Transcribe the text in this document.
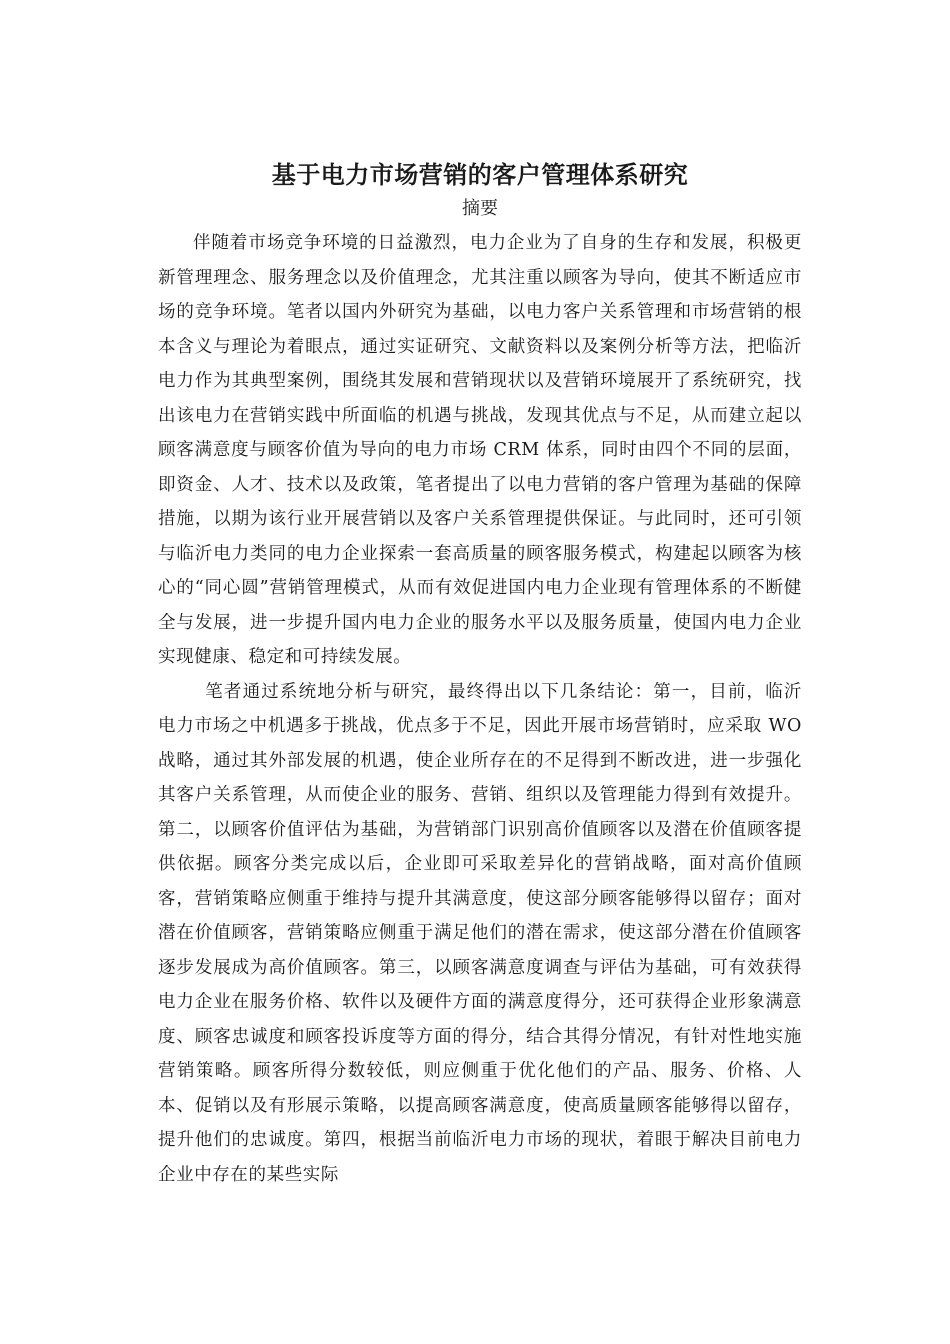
基于电力市场营销的客户管理体系研究
摘要

伴随着市场竞争环境的日益激烈，电力企业为了自身的生存和发展，积极更新管理理念、服务理念以及价值理念，尤其注重以顾客为导向，使其不断适应市场的竞争环境。笔者以国内外研究为基础，以电力客户关系管理和市场营销的根本含义与理论为着眼点，通过实证研究、文献资料以及案例分析等方法，把临沂电力作为其典型案例，围绕其发展和营销现状以及营销环境展开了系统研究，找出该电力在营销实践中所面临的机遇与挑战，发现其优点与不足，从而建立起以顾客满意度与顾客价值为导向的电力市场 CRM 体系，同时由四个不同的层面，即资金、人才、技术以及政策，笔者提出了以电力营销的客户管理为基础的保障措施，以期为该行业开展营销以及客户关系管理提供保证。与此同时，还可引领与临沂电力类同的电力企业探索一套高质量的顾客服务模式，构建起以顾客为核心的“同心圆”营销管理模式，从而有效促进国内电力企业现有管理体系的不断健全与发展，进一步提升国内电力企业的服务水平以及服务质量，使国内电力企业实现健康、稳定和可持续发展。

笔者通过系统地分析与研究，最终得出以下几条结论：第一，目前，临沂电力市场之中机遇多于挑战，优点多于不足，因此开展市场营销时，应采取 WO 战略，通过其外部发展的机遇，使企业所存在的不足得到不断改进，进一步强化其客户关系管理，从而使企业的服务、营销、组织以及管理能力得到有效提升。第二，以顾客价值评估为基础，为营销部门识别高价值顾客以及潜在价值顾客提供依据。顾客分类完成以后，企业即可采取差异化的营销战略，面对高价值顾客，营销策略应侧重于维持与提升其满意度，使这部分顾客能够得以留存；面对潜在价值顾客，营销策略应侧重于满足他们的潜在需求，使这部分潜在价值顾客逐步发展成为高价值顾客。第三，以顾客满意度调查与评估为基础，可有效获得电力企业在服务价格、软件以及硬件方面的满意度得分，还可获得企业形象满意度、顾客忠诚度和顾客投诉度等方面的得分，结合其得分情况，有针对性地实施营销策略。顾客所得分数较低，则应侧重于优化他们的产品、服务、价格、人本、促销以及有形展示策略，以提高顾客满意度，使高质量顾客能够得以留存，提升他们的忠诚度。第四，根据当前临沂电力市场的现状，着眼于解决目前电力企业中存在的某些实际
